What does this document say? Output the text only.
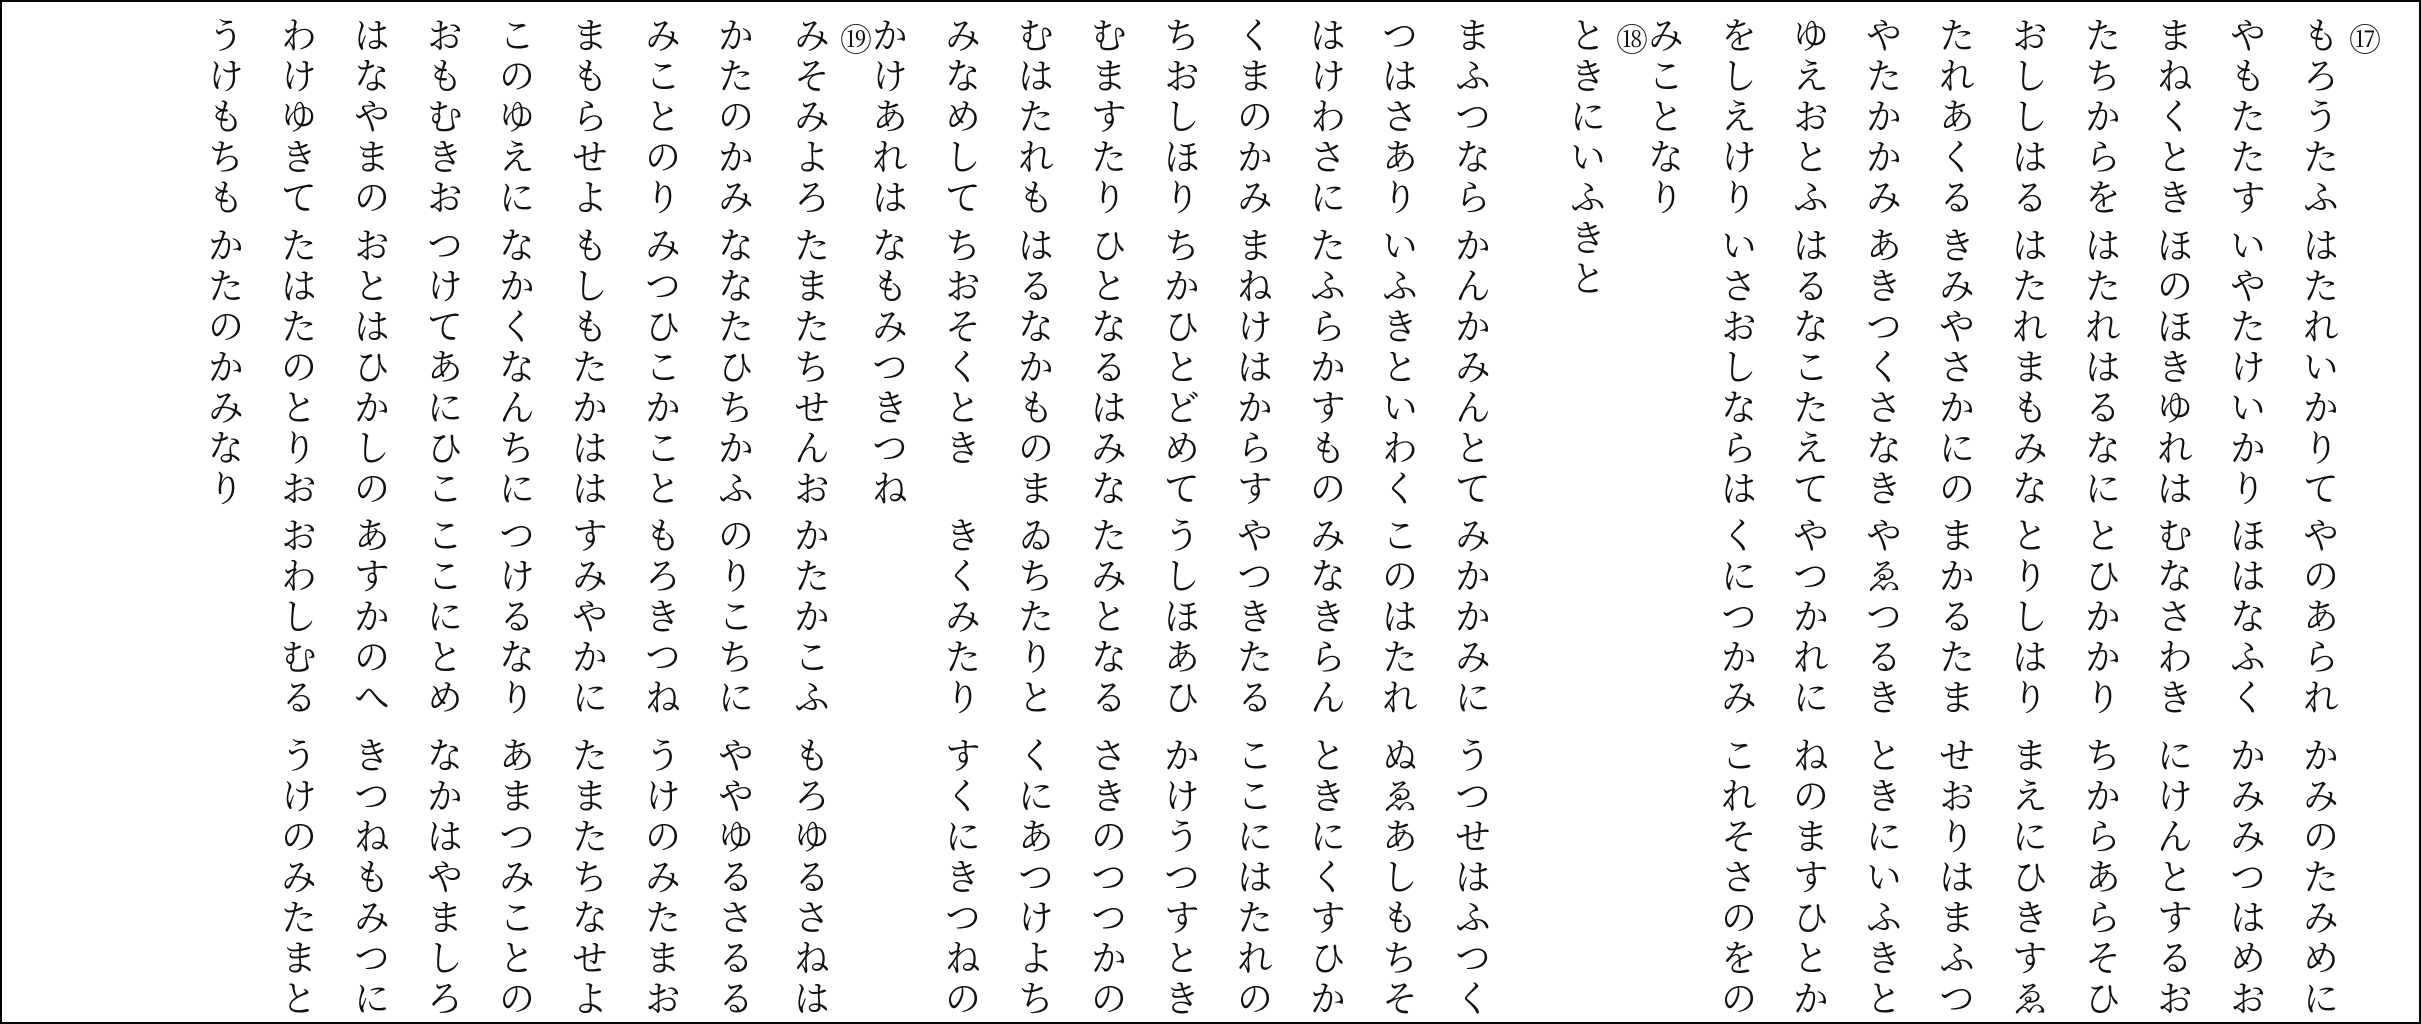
⑰
もろうたふ
はたれいかりて
やのあられ
かみのたみめに
やもたたす
いやたけいかり
ほはなふく
かみみつはめお
まねくとき
ほのほきゆれは
むなさわき
にけんとするお
たちからを
はたれはるなに
とひかかり
ちからあらそひ
おししはる
はたれまもみな
とりしはり
まえにひきすゑ
たれあくる
きみやさかにの
まかるたま
せおりはまふつ
やたかかみ
あきつくさなき
やゑつるき
ときにいふきと
ゆえおとふ
はるなこたえて
やつかれに
ねのますひとか
をしえけり
いさおしならは
くにつかみ
これそさのをの
みことなり
⑱
ときにいふきと
まふつなら
かんかみんとて
みかかみに
うつせはふつく
つはさあり
いふきといわく
このはたれ
ぬゑあしもちそ
はけわさに
たふらかすもの
みなきらん
ときにくすひか
くまのかみ
まねけはからす
やつきたる
ここにはたれの
ちおしほり
ちかひとどめて
うしほあひ
かけうつすとき
むますたり
ひとなるはみな
たみとなる
さきのつつかの
むはたれも
はるなかものま
ゐちたりと
くにあつけよち
みなめして
ちおそくとき
きくみたり
すくにきつねの
かけあれは
なもみつきつね
⑲
みそみよろ
たまたちせんお
かたかこふ
もろゆるさねは
かたのかみ
ななたひちかふ
のりこちに
ややゆるさるる
みことのり
みつひこかこと
もろきつね
うけのみたまお
まもらせよ
もしもたかはは
すみやかに
たまたちなせよ
このゆえに
なかくなんちに
つけるなり
あまつみことの
おもむきお
つけてあにひこ
ここにとめ
なかはやましろ
はなやまの
おとはひかしの
あすかのへ
きつねもみつに
わけゆきて
たはたのとりお
おわしむる
うけのみたまと
うけもちも
かたのかみなり
